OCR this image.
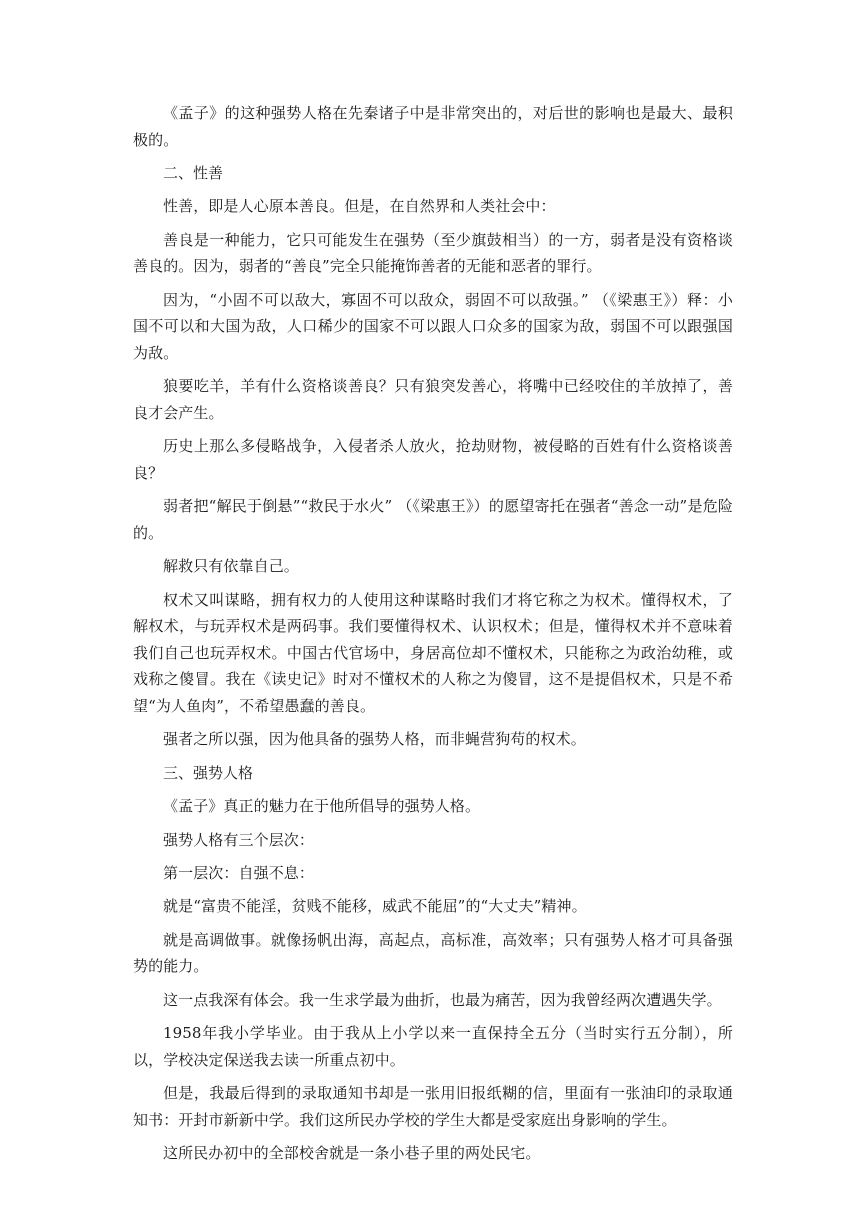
《孟子》的这种强势人格在先秦诸子中是非常突出的，对后世的影响也是最大、最积极的。

二、性善

性善，即是人心原本善良。但是，在自然界和人类社会中：

善良是一种能力，它只可能发生在强势（至少旗鼓相当）的一方，弱者是没有资格谈善良的。因为，弱者的“善良”完全只能掩饰善者的无能和恶者的罪行。

因为，“小固不可以敌大，寡固不可以敌众，弱固不可以敌强。” （《梁惠王》）释：小国不可以和大国为敌，人口稀少的国家不可以跟人口众多的国家为敌，弱国不可以跟强国为敌。

狼要吃羊，羊有什么资格谈善良？只有狼突发善心，将嘴中已经咬住的羊放掉了，善良才会产生。

历史上那么多侵略战争，入侵者杀人放火，抢劫财物，被侵略的百姓有什么资格谈善良？

弱者把“解民于倒悬”“救民于水火” （《梁惠王》）的愿望寄托在强者“善念一动”是危险的。

解救只有依靠自己。

权术又叫谋略，拥有权力的人使用这种谋略时我们才将它称之为权术。懂得权术，了解权术，与玩弄权术是两码事。我们要懂得权术、认识权术；但是，懂得权术并不意味着我们自己也玩弄权术。中国古代官场中，身居高位却不懂权术，只能称之为政治幼稚，或戏称之傻冒。我在《读史记》时对不懂权术的人称之为傻冒，这不是提倡权术，只是不希望“为人鱼肉”，不希望愚蠢的善良。

强者之所以强，因为他具备的强势人格，而非蝇营狗苟的权术。

三、强势人格

《孟子》真正的魅力在于他所倡导的强势人格。

强势人格有三个层次：

第一层次：自强不息：

就是“富贵不能淫，贫贱不能移，威武不能屈”的“大丈夫”精神。

就是高调做事。就像扬帆出海，高起点，高标准，高效率；只有强势人格才可具备强势的能力。

这一点我深有体会。我一生求学最为曲折，也最为痛苦，因为我曾经两次遭遇失学。

1958年我小学毕业。由于我从上小学以来一直保持全五分（当时实行五分制），所以，学校决定保送我去读一所重点初中。

但是，我最后得到的录取通知书却是一张用旧报纸糊的信，里面有一张油印的录取通知书：开封市新新中学。我们这所民办学校的学生大都是受家庭出身影响的学生。

这所民办初中的全部校舍就是一条小巷子里的两处民宅。
